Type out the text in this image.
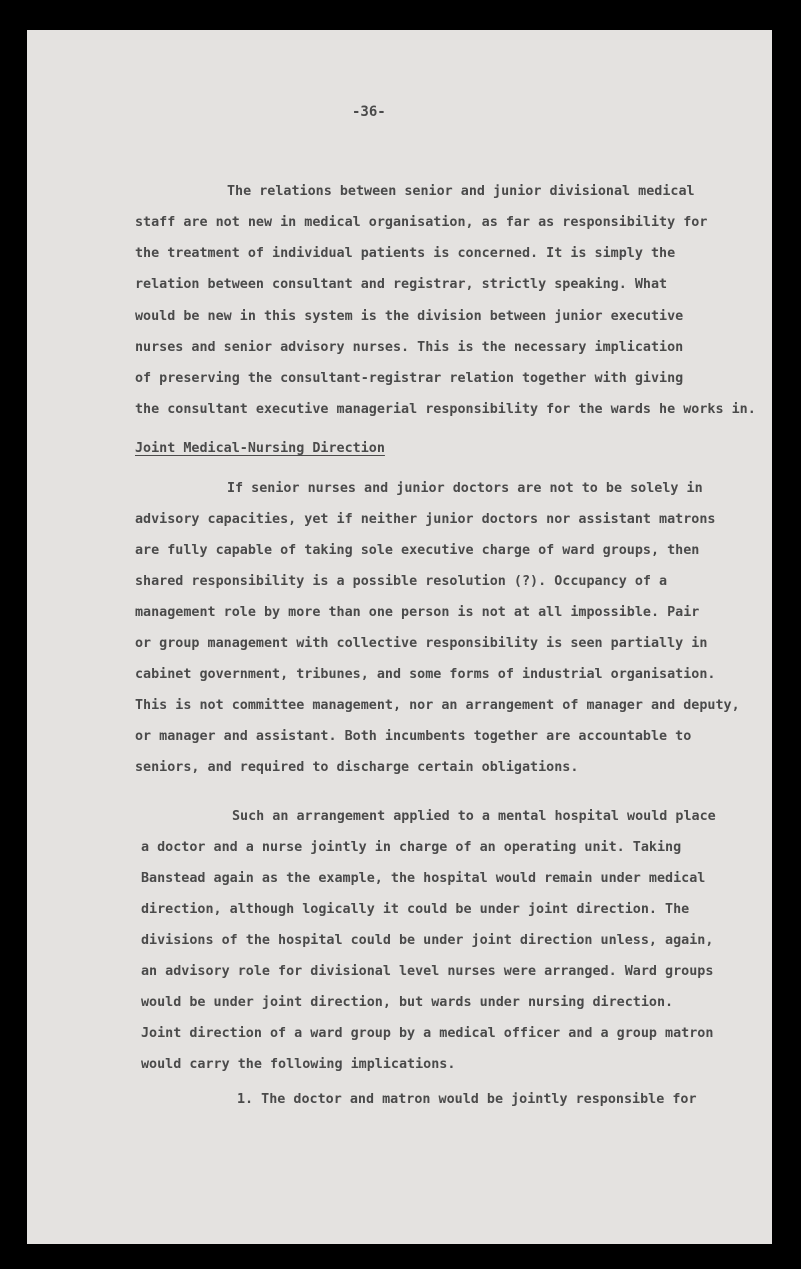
-36-
The relations between senior and junior divisional medical
staff are not new in medical organisation, as far as responsibility for
the treatment of individual patients is concerned. It is simply the
relation between consultant and registrar, strictly speaking. What
would be new in this system is the division between junior executive
nurses and senior advisory nurses. This is the necessary implication
of preserving the consultant-registrar relation together with giving
the consultant executive managerial responsibility for the wards he works in.
Joint Medical-Nursing Direction
If senior nurses and junior doctors are not to be solely in
advisory capacities, yet if neither junior doctors nor assistant matrons
are fully capable of taking sole executive charge of ward groups, then
shared responsibility is a possible resolution (?). Occupancy of a
management role by more than one person is not at all impossible. Pair
or group management with collective responsibility is seen partially in
cabinet government, tribunes, and some forms of industrial organisation.
This is not committee management, nor an arrangement of manager and deputy,
or manager and assistant. Both incumbents together are accountable to
seniors, and required to discharge certain obligations.
Such an arrangement applied to a mental hospital would place
a doctor and a nurse jointly in charge of an operating unit. Taking
Banstead again as the example, the hospital would remain under medical
direction, although logically it could be under joint direction. The
divisions of the hospital could be under joint direction unless, again,
an advisory role for divisional level nurses were arranged. Ward groups
would be under joint direction, but wards under nursing direction.
Joint direction of a ward group by a medical officer and a group matron
would carry the following implications.
1. The doctor and matron would be jointly responsible for
